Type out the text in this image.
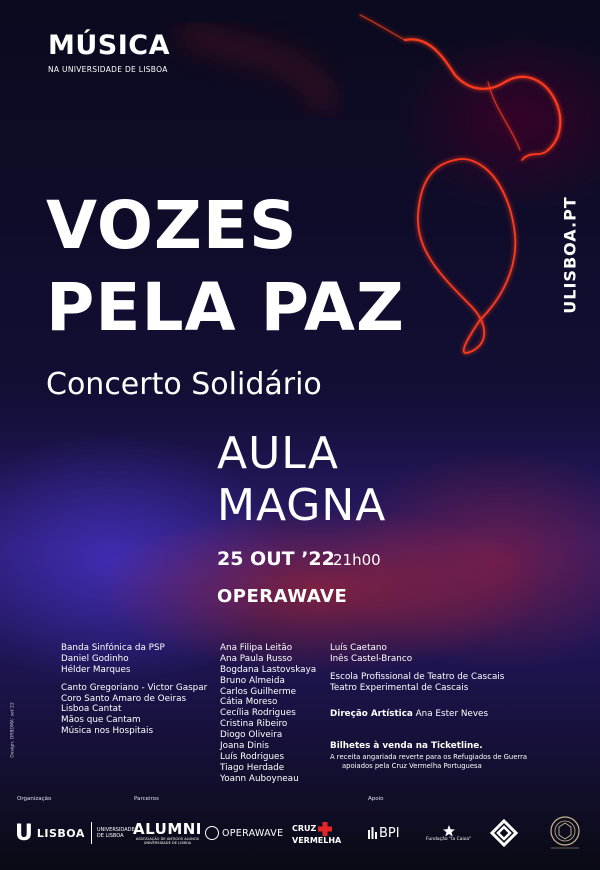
MÚSICA
NA UNIVERSIDADE DE LISBOA
ULISBOA.PT
VOZES
PELA PAZ
Concerto Solidário
AULA
MAGNA
25 OUT ’22
21h00
OPERAWAVE
Banda Sinfónica da PSP
Daniel Godinho
Hélder Marques
Canto Gregoriano - Victor Gaspar
Coro Santo Amaro de Oeiras
Lisboa Cantat
Mãos que Cantam
Música nos Hospitais
Ana Filipa Leitão
Ana Paula Russo
Bogdana Lastovskaya
Bruno Almeida
Carlos Guilherme
Cátia Moreso
Cecília Rodrigues
Cristina Ribeiro
Diogo Oliveira
Joana Dinis
Luís Rodrigues
Tiago Herdade
Yoann Auboyneau
Luís Caetano
Inês Castel-Branco
Escola Profissional de Teatro de Cascais
Teatro Experimental de Cascais
Direção Artística Ana Ester Neves
Bilhetes à venda na Ticketline.
A receita angariada reverte para os Refugiados de Guerra
apoiados pela Cruz Vermelha Portuguesa
Design: DRBDMA’ set’22
Organização	Parceiros	Apoio
U LISBOA UNIVERSIDADE
DE LISBOA ALUMNI
ASSOCIAÇÃO DE ANTIGOS ALUNOS
UNIVERSIDADE DE LISBOA
OPERAWAVE CRUZ
VERMELHA	BPI	Fundação "la Caixa"
